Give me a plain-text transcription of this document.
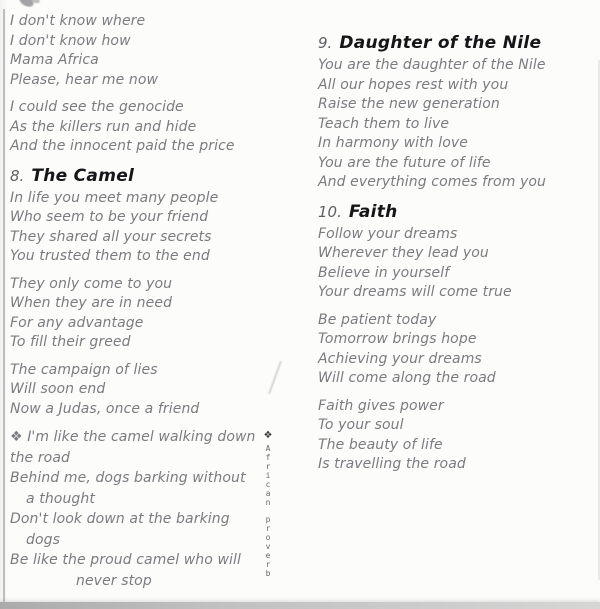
I don't know where
I don't know how
Mama Africa
Please, hear me now
I could see the genocide
As the killers run and hide
And the innocent paid the price
8. The Camel
In life you meet many people
Who seem to be your friend
They shared all your secrets
You trusted them to the end
They only come to you
When they are in need
For any advantage
To fill their greed
The campaign of lies
Will soon end
Now a Judas, once a friend
❖ I'm like the camel walking down
the road
Behind me, dogs barking without
a thought
Don't look down at the barking
dogs
Be like the proud camel who will
never stop
9. Daughter of the Nile
You are the daughter of the Nile
All our hopes rest with you
Raise the new generation
Teach them to live
In harmony with love
You are the future of life
And everything comes from you
10. Faith
Follow your dreams
Wherever they lead you
Believe in yourself
Your dreams will come true
Be patient today
Tomorrow brings hope
Achieving your dreams
Will come along the road
Faith gives power
To your soul
The beauty of life
Is travelling the road
❖
A
f
r
i
c
a
n
p
r
o
v
e
r
b
